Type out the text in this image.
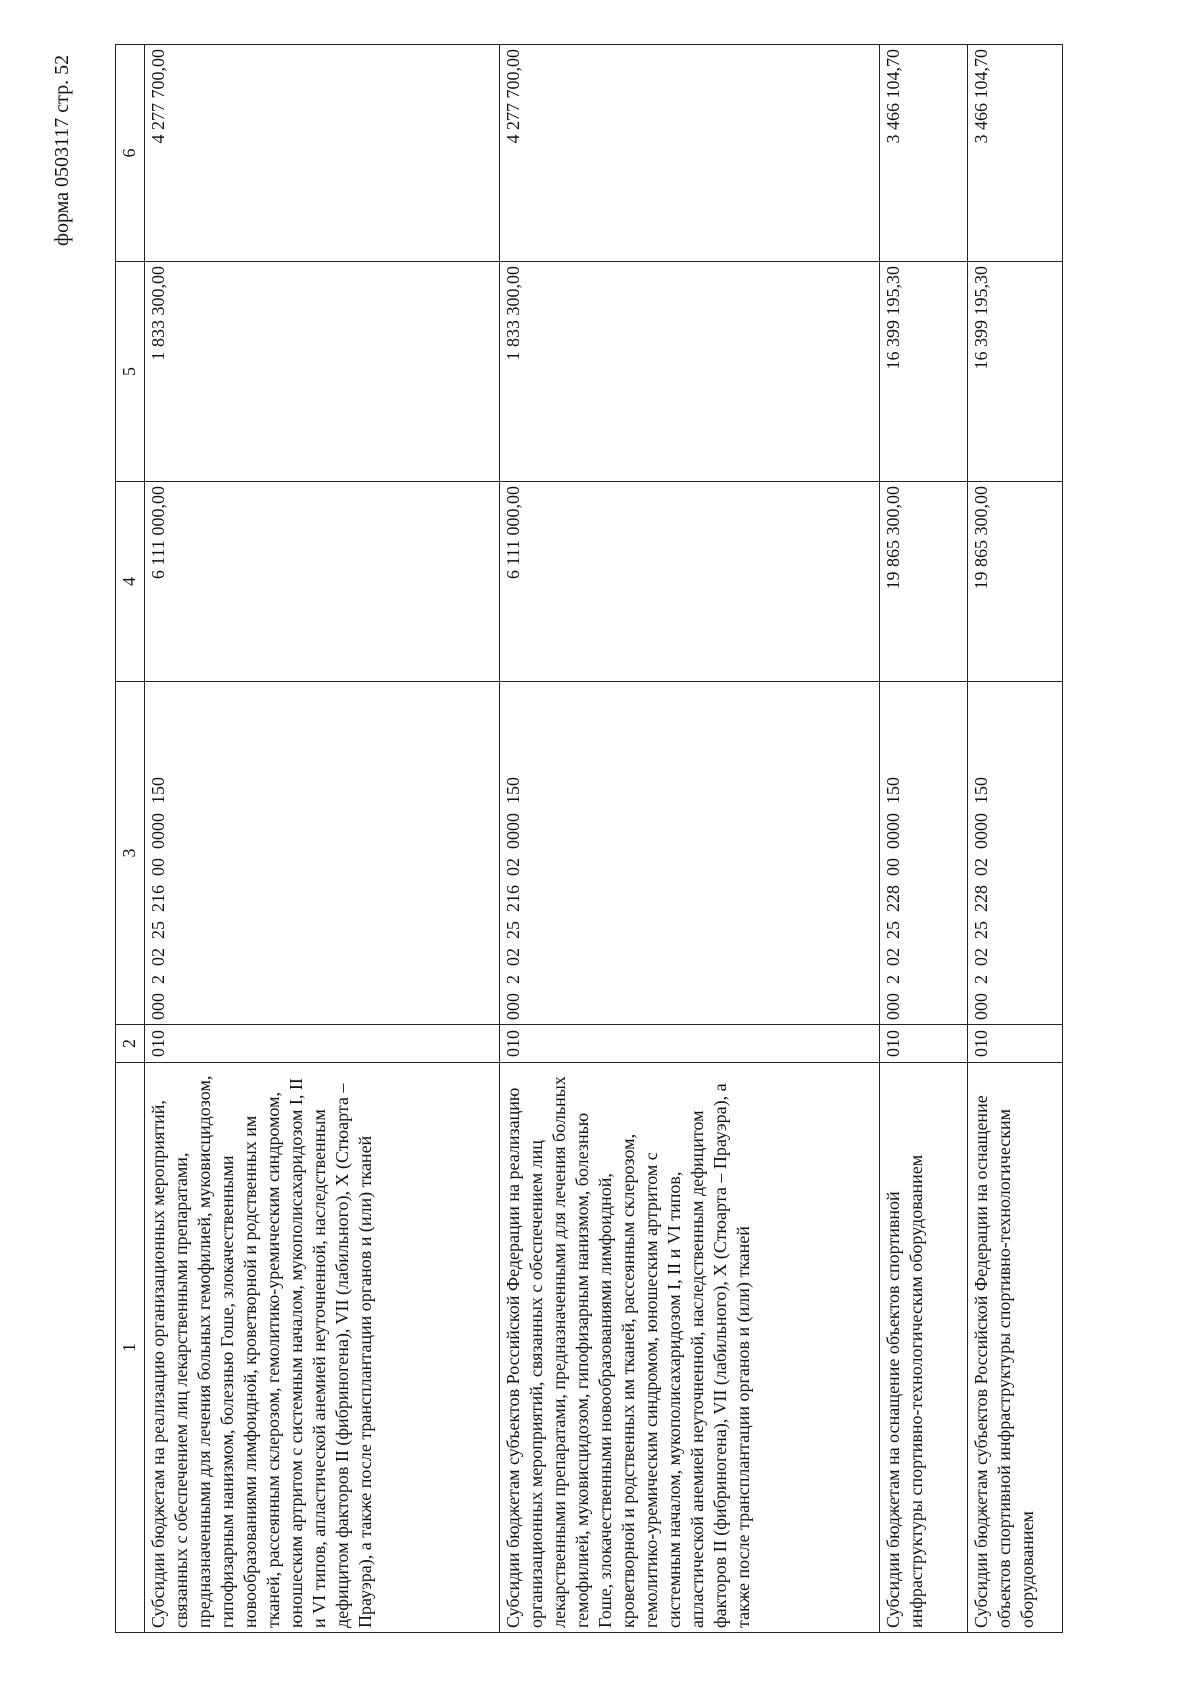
форма 0503117 стр. 52
1	2	3	4	5	6
Субсидии бюджетам на реализацию организационных мероприятий, связанных с обеспечением лиц лекарственными препаратами, предназначенными для лечения больных гемофилией, муковисцидозом, гипофизарным нанизмом, болезнью Гоше, злокачественными новообразованиями лимфоидной, кроветворной и родственных им тканей, рассеянным склерозом, гемолитико-уремическим синдромом, юношеским артритом с системным началом, мукополисахаридозом I, II и VI типов, апластической анемией неуточненной, наследственным дефицитом факторов II (фибриногена), VII (лабильного), X (Стюарта – Прауэра), а также после трансплантации органов и (или) тканей	010	000  2  02  25  216  00  0000  150	6 111 000,00	1 833 300,00	4 277 700,00
Субсидии бюджетам субъектов Российской Федерации на реализацию организационных мероприятий, связанных с обеспечением лиц лекарственными препаратами, предназначенными для лечения больных гемофилией, муковисцидозом, гипофизарным нанизмом, болезнью Гоше, злокачественными новообразованиями лимфоидной, кроветворной и родственных им тканей, рассеянным склерозом, гемолитико-уремическим синдромом, юношеским артритом с системным началом, мукополисахаридозом I, II и VI типов, апластической анемией неуточненной, наследственным дефицитом факторов II (фибриногена), VII (лабильного), X (Стюарта – Прауэра), а также после трансплантации органов и (или) тканей	010	000  2  02  25  216  02  0000  150	6 111 000,00	1 833 300,00	4 277 700,00
Субсидии бюджетам на оснащение объектов спортивной инфраструктуры спортивно-технологическим оборудованием	010	000  2  02  25  228  00  0000  150	19 865 300,00	16 399 195,30	3 466 104,70
Субсидии бюджетам субъектов Российской Федерации на оснащение объектов спортивной инфраструктуры спортивно-технологическим оборудованием	010	000  2  02  25  228  02  0000  150	19 865 300,00	16 399 195,30	3 466 104,70
